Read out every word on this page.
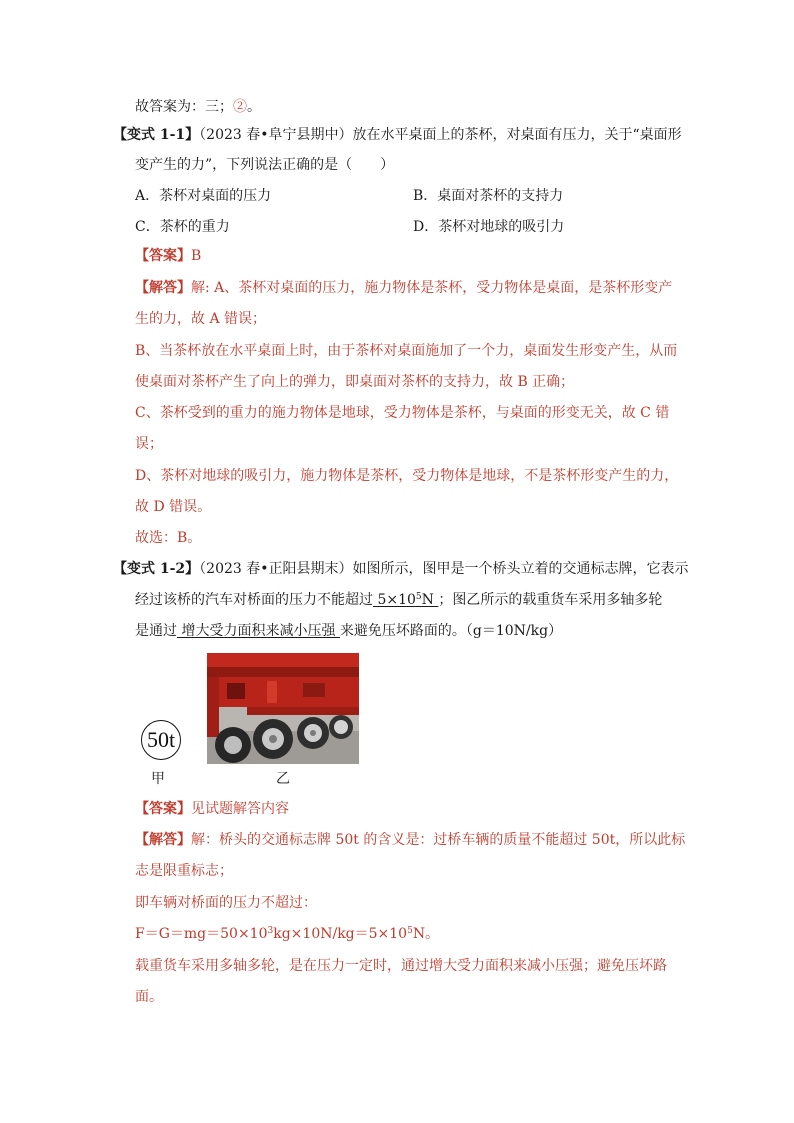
故答案为：三；②。
【变式 1-1】（2023 春•阜宁县期中）放在水平桌面上的茶杯，对桌面有压力，关于“桌面形
变产生的力”，下列说法正确的是（　　）
A．茶杯对桌面的压力	B．桌面对茶杯的支持力
C．茶杯的重力	D．茶杯对地球的吸引力
【答案】B
【解答】解: A、茶杯对桌面的压力，施力物体是茶杯，受力物体是桌面，是茶杯形变产
生的力，故 A 错误；
B、当茶杯放在水平桌面上时，由于茶杯对桌面施加了一个力，桌面发生形变产生，从而
使桌面对茶杯产生了向上的弹力，即桌面对茶杯的支持力，故 B 正确；
C、茶杯受到的重力的施力物体是地球，受力物体是茶杯，与桌面的形变无关，故 C 错
误；
D、茶杯对地球的吸引力，施力物体是茶杯，受力物体是地球，不是茶杯形变产生的力，
故 D 错误。
故选：B。
【变式 1-2】（2023 春•正阳县期末）如图所示，图甲是一个桥头立着的交通标志牌，它表示
经过该桥的汽车对桥面的压力不能超过 $5\times 10^5N$ ；图乙所示的载重货车采用多轴多轮
是通过 增大受力面积来减小压强 来避免压坏路面的。（g＝10N/kg）
50t
甲	乙
【答案】见试题解答内容
【解答】解：桥头的交通标志牌 50t 的含义是：过桥车辆的质量不能超过 50t，所以此标
志是限重标志；
即车辆对桥面的压力不超过：
$F=G=mg=50\times 10^3kg\times 10N/kg=5\times 10^5N$。
载重货车采用多轴多轮，是在压力一定时，通过增大受力面积来减小压强；避免压坏路
面。
